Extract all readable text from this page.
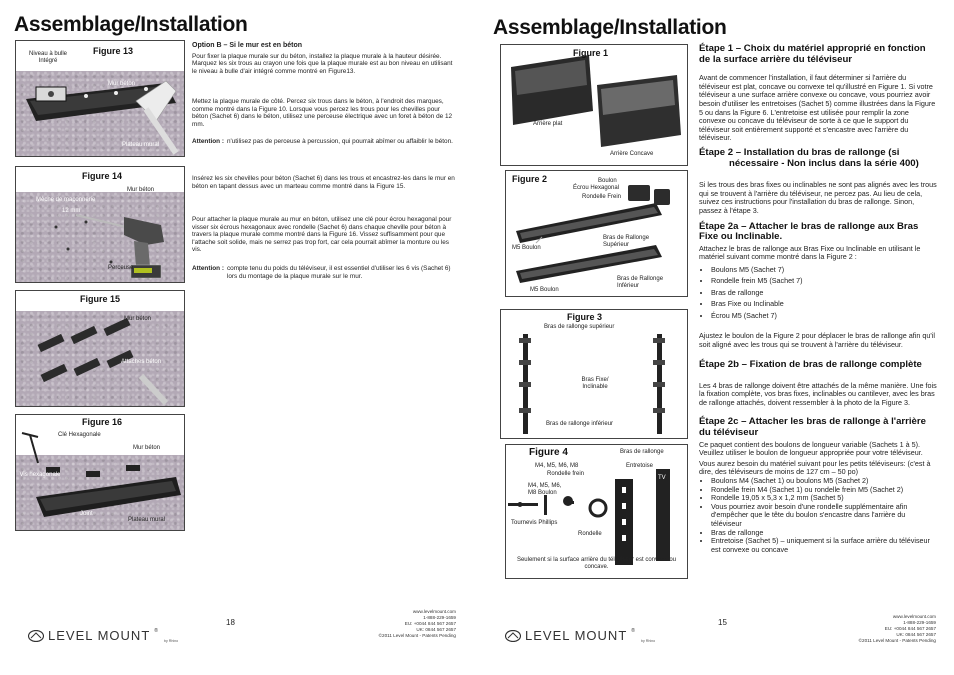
Assemblage/Installation
Niveau à bulle Intégré
Figure 13
Mur béton
Plateau mural
Figure 14
Mur béton
Mèche de maçonnerie
12 mm
Perceuse
Figure 15
Mur béton
Attaches béton
Figure 16
Clé Hexagonale
Mur béton
Vis hexagonale
Joint
Plateau mural
Option B – Si le mur est en béton
Pour fixer la plaque murale sur du béton, installez la plaque murale à la hauteur désirée. Marquez les six trous au crayon une fois que la plaque murale est au bon niveau en utilisant le niveau à bulle d'air intégré comme montré en Figure13.
Mettez la plaque murale de côté. Percez six trous dans le béton, à l'endroit des marques, comme montré dans la Figure 10. Lorsque vous percez les trous pour les chevilles pour béton (Sachet 6) dans le béton, utilisez une perceuse électrique avec un foret à béton de 12 mm.
Attention : n'utilisez pas de perceuse à percussion, qui pourrait abîmer ou affaiblir le béton.
Insérez les six chevilles pour béton (Sachet 6) dans les trous et encastrez-les dans le mur en béton en tapant dessus avec un marteau comme montré dans la Figure 15.
Pour attacher la plaque murale au mur en béton, utilisez une clé pour écrou hexagonal pour visser six écrous hexagonaux avec rondelle (Sachet 6) dans chaque cheville pour béton à travers la plaque murale comme montré dans la Figure 16. Vissez suffisamment pour que l'attache soit solide, mais ne serrez pas trop fort, car cela pourrait abîmer la monture ou les vis.
Attention : compte tenu du poids du téléviseur, il est essentiel d'utiliser les 6 vis (Sachet 6) lors du montage de la plaque murale sur le mur.
18
www.levelmount.com
1-888-229-1659
EU: +0044 844 567 2657
UK: 0844 567 2657
©2011 Level Mount - Patents Pending
LEVEL MOUNT ®
by Rhino
Assemblage/Installation
Figure 1
Arrière plat
Arrière Concave
Figure 2	Boulon
Écrou Hexagonal
Rondelle Frein
M5 Boulon
Bras de Rallonge
Supérieur
Bras de Rallonge
Inférieur
M5 Boulon
Figure 3
Bras de rallonge supérieur
Bras Fixe/
Inclinable
Bras de rallonge inférieur
Figure 4	Bras de rallonge
M4, M5, M6, M8
Rondelle frein
Entretoise
TV
M4, M5, M6,
M8 Boulon
Tournevis Phillips
Rondelle
Seulement si la surface arrière du téléviseur est convexe ou concave.
Étape 1 – Choix du matériel approprié en fonction de la surface arrière du téléviseur
Avant de commencer l'installation, il faut déterminer si l'arrière du téléviseur est plat, concave ou convexe tel qu'illustré en Figure 1. Si votre téléviseur a une surface arrière convexe ou concave, vous pourriez avoir besoin d'utiliser les entretoises (Sachet 5) comme illustrées dans la Figure 5 ou dans la Figure 6. L'entretoise est utilisée pour remplir la zone convexe ou concave du téléviseur de sorte à ce que le support du téléviseur soit entièrement supporté et s'encastre avec l'arrière du téléviseur.
Étape 2 – Installation du bras de rallonge (si
nécessaire - Non inclus dans la série 400)
Si les trous des bras fixes ou inclinables ne sont pas alignés avec les trous qui se trouvent à l'arrière du téléviseur, ne percez pas. Au lieu de cela, suivez ces instructions pour l'installation du bras de rallonge. Sinon, passez à l'étape 3.
Étape 2a – Attacher le bras de rallonge aux Bras Fixe ou Inclinable.
Attachez le bras de rallonge aux Bras Fixe ou Inclinable en utilisant le matériel suivant comme montré dans la Figure 2 :
• Boulons M5 (Sachet 7)
• Rondelle frein M5 (Sachet 7)
• Bras de rallonge
• Bras Fixe ou Inclinable
• Écrou M5 (Sachet 7)
Ajustez le boulon de la Figure 2 pour déplacer le bras de rallonge afin qu'il soit aligné avec les trous qui se trouvent à l'arrière du téléviseur.
Étape 2b – Fixation de bras de rallonge complète
Les 4 bras de rallonge doivent être attachés de la même manière. Une fois la fixation complète, vos bras fixes, inclinables ou cantilever, avec les bras de rallonge attachés, doivent ressembler à la photo de la Figure 3.
Étape 2c – Attacher les bras de rallonge à l'arrière du téléviseur
Ce paquet contient des boulons de longueur variable (Sachets 1 à 5). Veuillez utiliser le boulon de longueur appropriée pour votre téléviseur.
Vous aurez besoin du matériel suivant pour les petits téléviseurs: (c'est à dire, des téléviseurs de moins de 127 cm – 50 po)
• Boulons M4 (Sachet 1) ou boulons M5 (Sachet 2)
• Rondelle frein M4 (Sachet 1) ou rondelle frein M5 (Sachet 2)
• Rondelle 19,05 x 5,3 x 1,2 mm (Sachet 5)
• Vous pourriez avoir besoin d'une rondelle supplémentaire afin d'empêcher que le tête du boulon s'encastre dans l'arrière du téléviseur
• Bras de rallonge
• Entretoise (Sachet 5) – uniquement si la surface arrière du téléviseur est convexe ou concave
15
www.levelmount.com
1-888-229-1659
EU: +0044 844 567 2657
UK: 0844 567 2657
©2011 Level Mount - Patents Pending
LEVEL MOUNT ®
by Rhino
